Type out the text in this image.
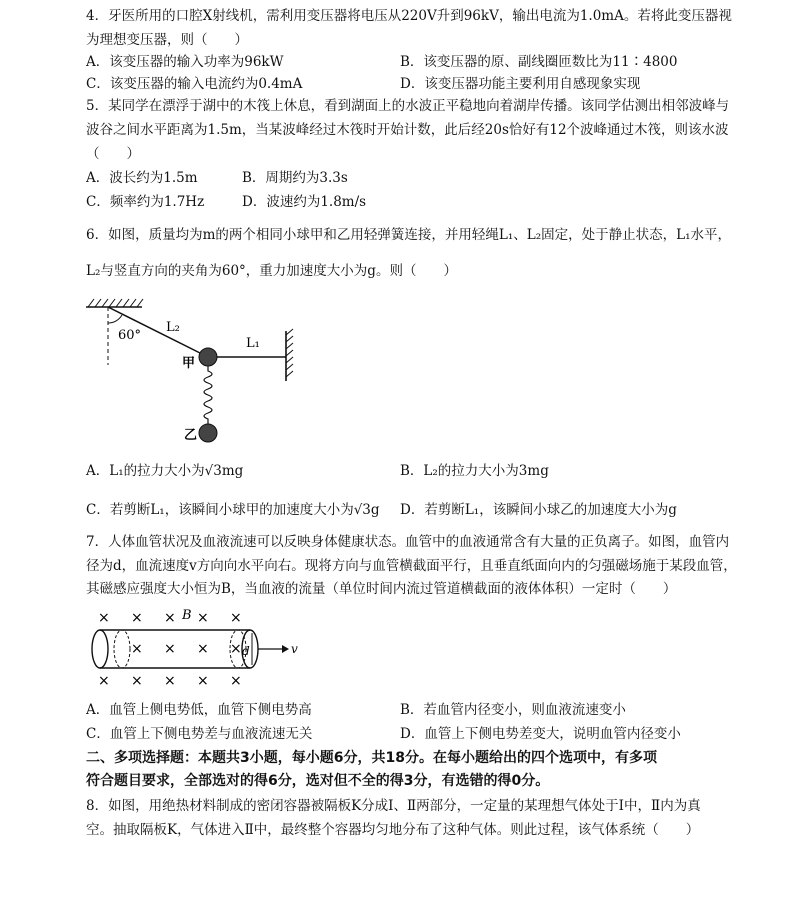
4．牙医所用的口腔X射线机，需利用变压器将电压从220V升到96kV，输出电流为1.0mA。若将此变压器视
为理想变压器，则（　　）
A．该变压器的输入功率为96kW	B．该变压器的原、副线圈匝数比为11∶4800
C．该变压器的输入电流约为0.4mA	D．该变压器功能主要利用自感现象实现
5．某同学在漂浮于湖中的木筏上休息，看到湖面上的水波正平稳地向着湖岸传播。该同学估测出相邻波峰与
波谷之间水平距离为1.5m，当某波峰经过木筏时开始计数，此后经20s恰好有12个波峰通过木筏，则该水波
（　　）
A．波长约为1.5m	B．周期约为3.3s
C．频率约为1.7Hz	D．波速约为1.8m/s
6．如图，质量均为m的两个相同小球甲和乙用轻弹簧连接，并用轻绳L₁、L₂固定，处于静止状态，L₁水平，
L₂与竖直方向的夹角为60°，重力加速度大小为g。则（　　）
60°
L₂
L₁
甲
乙
A．L₁的拉力大小为√3mg	B．L₂的拉力大小为3mg
C．若剪断L₁，该瞬间小球甲的加速度大小为√3g D．若剪断L₁，该瞬间小球乙的加速度大小为g
7．人体血管状况及血液流速可以反映身体健康状态。血管中的血液通常含有大量的正负离子。如图，血管内
径为d，血流速度v方向向水平向右。现将方向与血管横截面平行，且垂直纸面向内的匀强磁场施于某段血管，
其磁感应强度大小恒为B，当血液的流量（单位时间内流过管道横截面的液体体积）一定时（　　）
× × × × ×
× × × ×
× × × × ×
B
d	v
A．血管上侧电势低，血管下侧电势高	B．若血管内径变小，则血液流速变小
C．血管上下侧电势差与血液流速无关	D．血管上下侧电势差变大，说明血管内径变小
二、多项选择题：本题共3小题，每小题6分，共18分。在每小题给出的四个选项中，有多项
符合题目要求，全部选对的得6分，选对但不全的得3分，有选错的得0分。
8．如图，用绝热材料制成的密闭容器被隔板K分成Ⅰ、Ⅱ两部分，一定量的某理想气体处于Ⅰ中，Ⅱ内为真
空。抽取隔板K，气体进入Ⅱ中，最终整个容器均匀地分布了这种气体。则此过程，该气体系统（　　）
